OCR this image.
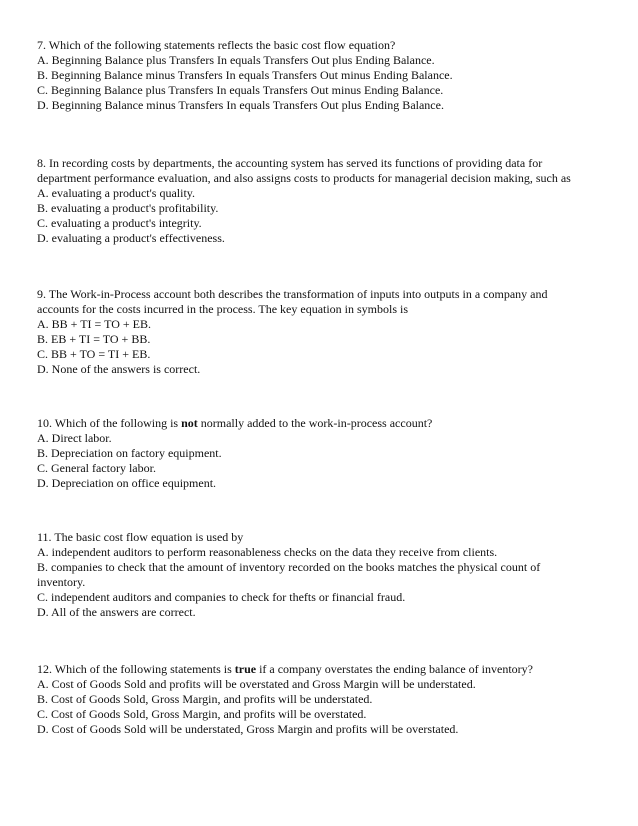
7. Which of the following statements reflects the basic cost flow equation?
A. Beginning Balance plus Transfers In equals Transfers Out plus Ending Balance.
B. Beginning Balance minus Transfers In equals Transfers Out minus Ending Balance.
C. Beginning Balance plus Transfers In equals Transfers Out minus Ending Balance.
D. Beginning Balance minus Transfers In equals Transfers Out plus Ending Balance.
8. In recording costs by departments, the accounting system has served its functions of providing data for
department performance evaluation, and also assigns costs to products for managerial decision making, such as
A. evaluating a product's quality.
B. evaluating a product's profitability.
C. evaluating a product's integrity.
D. evaluating a product's effectiveness.
9. The Work-in-Process account both describes the transformation of inputs into outputs in a company and
accounts for the costs incurred in the process. The key equation in symbols is
A. BB + TI = TO + EB.
B. EB + TI = TO + BB.
C. BB + TO = TI + EB.
D. None of the answers is correct.
10. Which of the following is not normally added to the work-in-process account?
A. Direct labor.
B. Depreciation on factory equipment.
C. General factory labor.
D. Depreciation on office equipment.
11. The basic cost flow equation is used by
A. independent auditors to perform reasonableness checks on the data they receive from clients.
B. companies to check that the amount of inventory recorded on the books matches the physical count of
inventory.
C. independent auditors and companies to check for thefts or financial fraud.
D. All of the answers are correct.
12. Which of the following statements is true if a company overstates the ending balance of inventory?
A. Cost of Goods Sold and profits will be overstated and Gross Margin will be understated.
B. Cost of Goods Sold, Gross Margin, and profits will be understated.
C. Cost of Goods Sold, Gross Margin, and profits will be overstated.
D. Cost of Goods Sold will be understated, Gross Margin and profits will be overstated.
